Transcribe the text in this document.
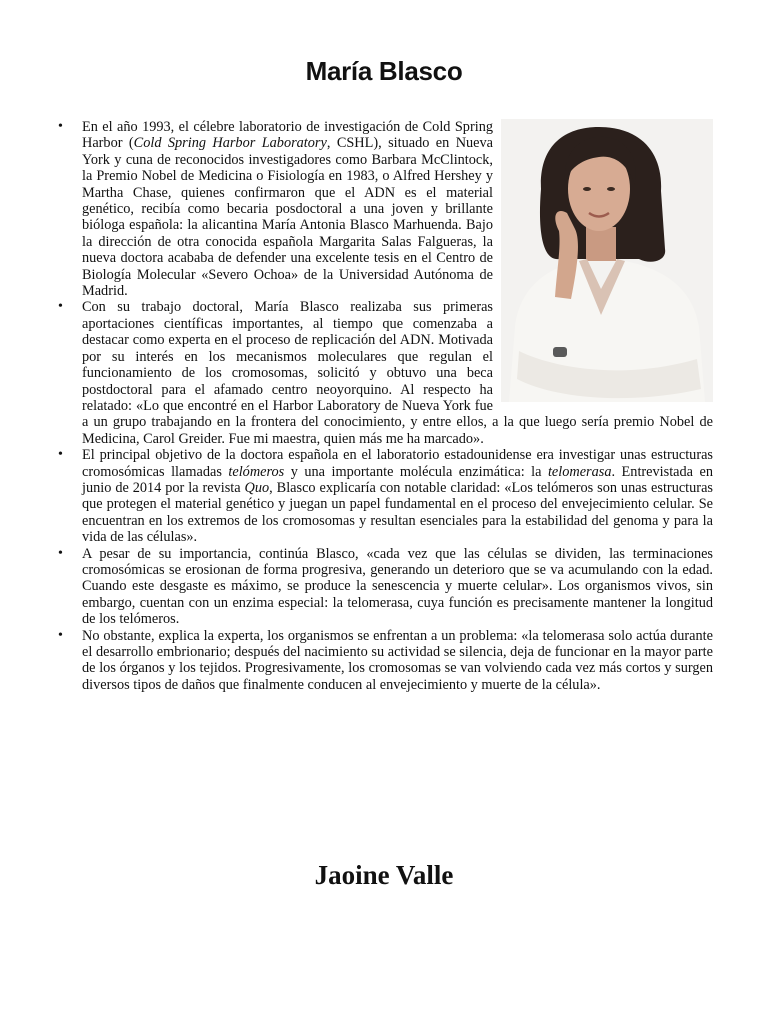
María Blasco
• En el año 1993, el célebre laboratorio de investigación de Cold Spring Harbor (Cold Spring Harbor Laboratory, CSHL), situado en Nueva York y cuna de reconocidos investigadores como Barbara McClintock, la Premio Nobel de Medicina o Fisiología en 1983, o Alfred Hershey y Martha Chase, quienes confirmaron que el ADN es el material genético, recibía como becaria posdoctoral a una joven y brillante bióloga española: la alicantina María Antonia Blasco Marhuenda. Bajo la dirección de otra conocida española Margarita Salas Falgueras, la nueva doctora acababa de defender una excelente tesis en el Centro de Biología Molecular «Severo Ochoa» de la Universidad Autónoma de Madrid.
• Con su trabajo doctoral, María Blasco realizaba sus primeras aportaciones científicas importantes, al tiempo que comenzaba a destacar como experta en el proceso de replicación del ADN. Motivada por su interés en los mecanismos moleculares que regulan el funcionamiento de los cromosomas, solicitó y obtuvo una beca postdoctoral para el afamado centro neoyorquino. Al respecto ha relatado: «Lo que encontré en el Harbor Laboratory de Nueva York fue a un grupo trabajando en la frontera del conocimiento, y entre ellos, a la que luego sería premio Nobel de Medicina, Carol Greider. Fue mi maestra, quien más me ha marcado».
• El principal objetivo de la doctora española en el laboratorio estadounidense era investigar unas estructuras cromosómicas llamadas telómeros y una importante molécula enzimática: la telomerasa. Entrevistada en junio de 2014 por la revista Quo, Blasco explicaría con notable claridad: «Los telómeros son unas estructuras que protegen el material genético y juegan un papel fundamental en el proceso del envejecimiento celular. Se encuentran en los extremos de los cromosomas y resultan esenciales para la estabilidad del genoma y para la vida de las células».
• A pesar de su importancia, continúa Blasco, «cada vez que las células se dividen, las terminaciones cromosómicas se erosionan de forma progresiva, generando un deterioro que se va acumulando con la edad. Cuando este desgaste es máximo, se produce la senescencia y muerte celular». Los organismos vivos, sin embargo, cuentan con un enzima especial: la telomerasa, cuya función es precisamente mantener la longitud de los telómeros.
• No obstante, explica la experta, los organismos se enfrentan a un problema: «la telomerasa solo actúa durante el desarrollo embrionario; después del nacimiento su actividad se silencia, deja de funcionar en la mayor parte de los órganos y los tejidos. Progresivamente, los cromosomas se van volviendo cada vez más cortos y surgen diversos tipos de daños que finalmente conducen al envejecimiento y muerte de la célula».
Jaoine Valle
